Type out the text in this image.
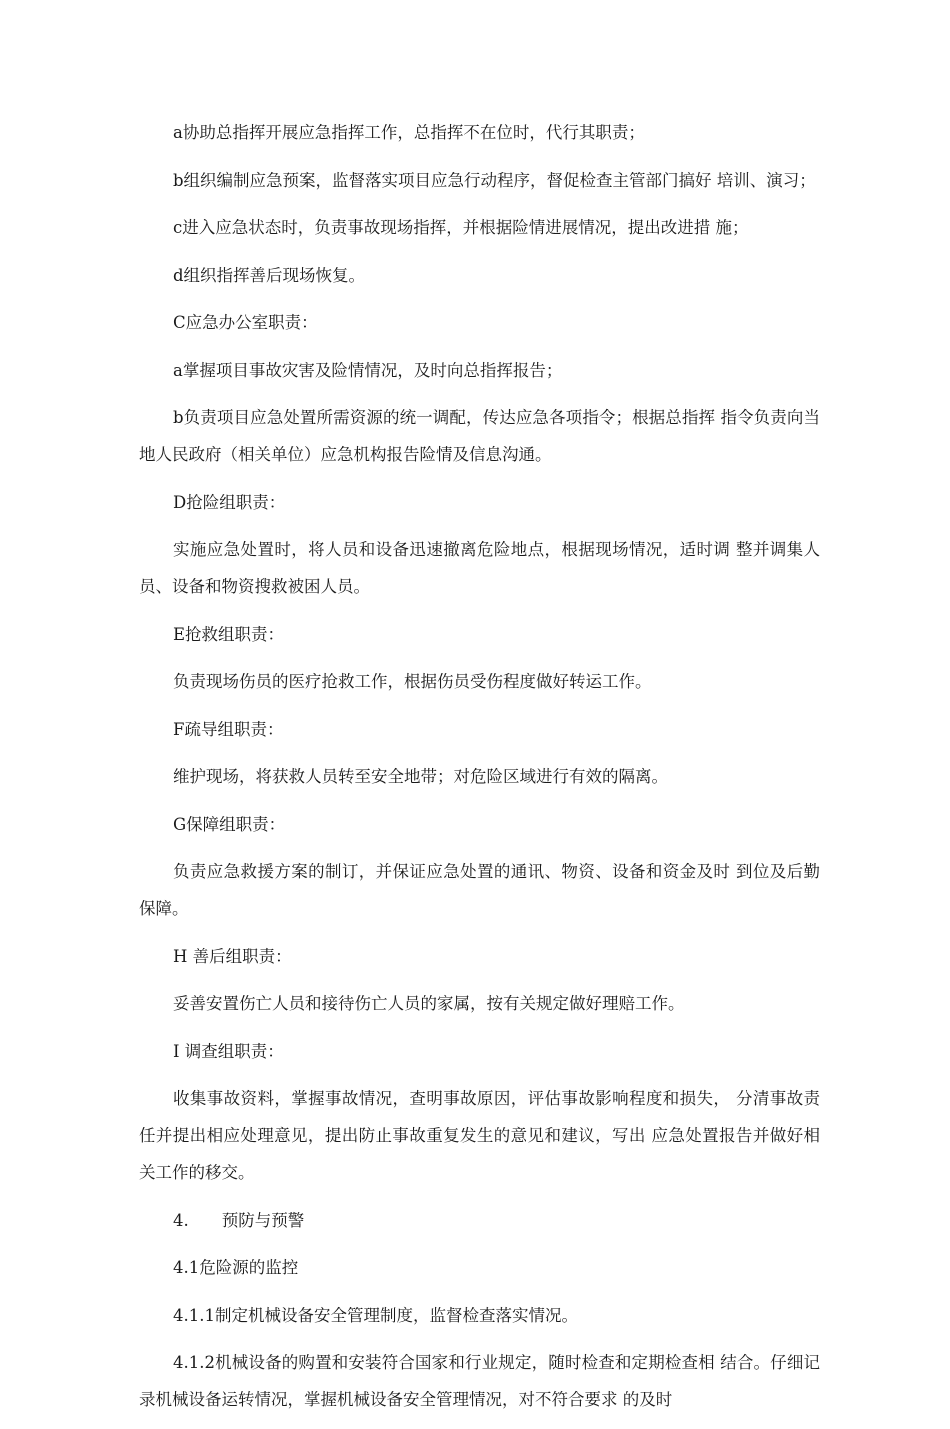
a协助总指挥开展应急指挥工作，总指挥不在位时，代行其职责；

b组织编制应急预案，监督落实项目应急行动程序，督促检查主管部门搞好 培训、演习；

c进入应急状态时，负责事故现场指挥，并根据险情进展情况，提出改进措 施；

d组织指挥善后现场恢复。

C应急办公室职责：

a掌握项目事故灾害及险情情况，及时向总指挥报告；

b负责项目应急处置所需资源的统一调配，传达应急各项指令；根据总指挥 指令负责向当地人民政府（相关单位）应急机构报告险情及信息沟通。

D抢险组职责：

实施应急处置时，将人员和设备迅速撤离危险地点，根据现场情况，适时调 整并调集人员、设备和物资搜救被困人员。

E抢救组职责：

负责现场伤员的医疗抢救工作，根据伤员受伤程度做好转运工作。

F疏导组职责：

维护现场，将获救人员转至安全地带；对危险区域进行有效的隔离。

G保障组职责：

负责应急救援方案的制订，并保证应急处置的通讯、物资、设备和资金及时 到位及后勤保障。

H 善后组职责：

妥善安置伤亡人员和接待伤亡人员的家属，按有关规定做好理赔工作。

I 调查组职责：

收集事故资料，掌握事故情况，查明事故原因，评估事故影响程度和损失， 分清事故责任并提出相应处理意见，提出防止事故重复发生的意见和建议，写出 应急处置报告并做好相关工作的移交。

4.　　预防与预警

4.1危险源的监控

4.1.1制定机械设备安全管理制度，监督检查落实情况。

4.1.2机械设备的购置和安装符合国家和行业规定，随时检查和定期检查相 结合。仔细记录机械设备运转情况，掌握机械设备安全管理情况，对不符合要求 的及时
